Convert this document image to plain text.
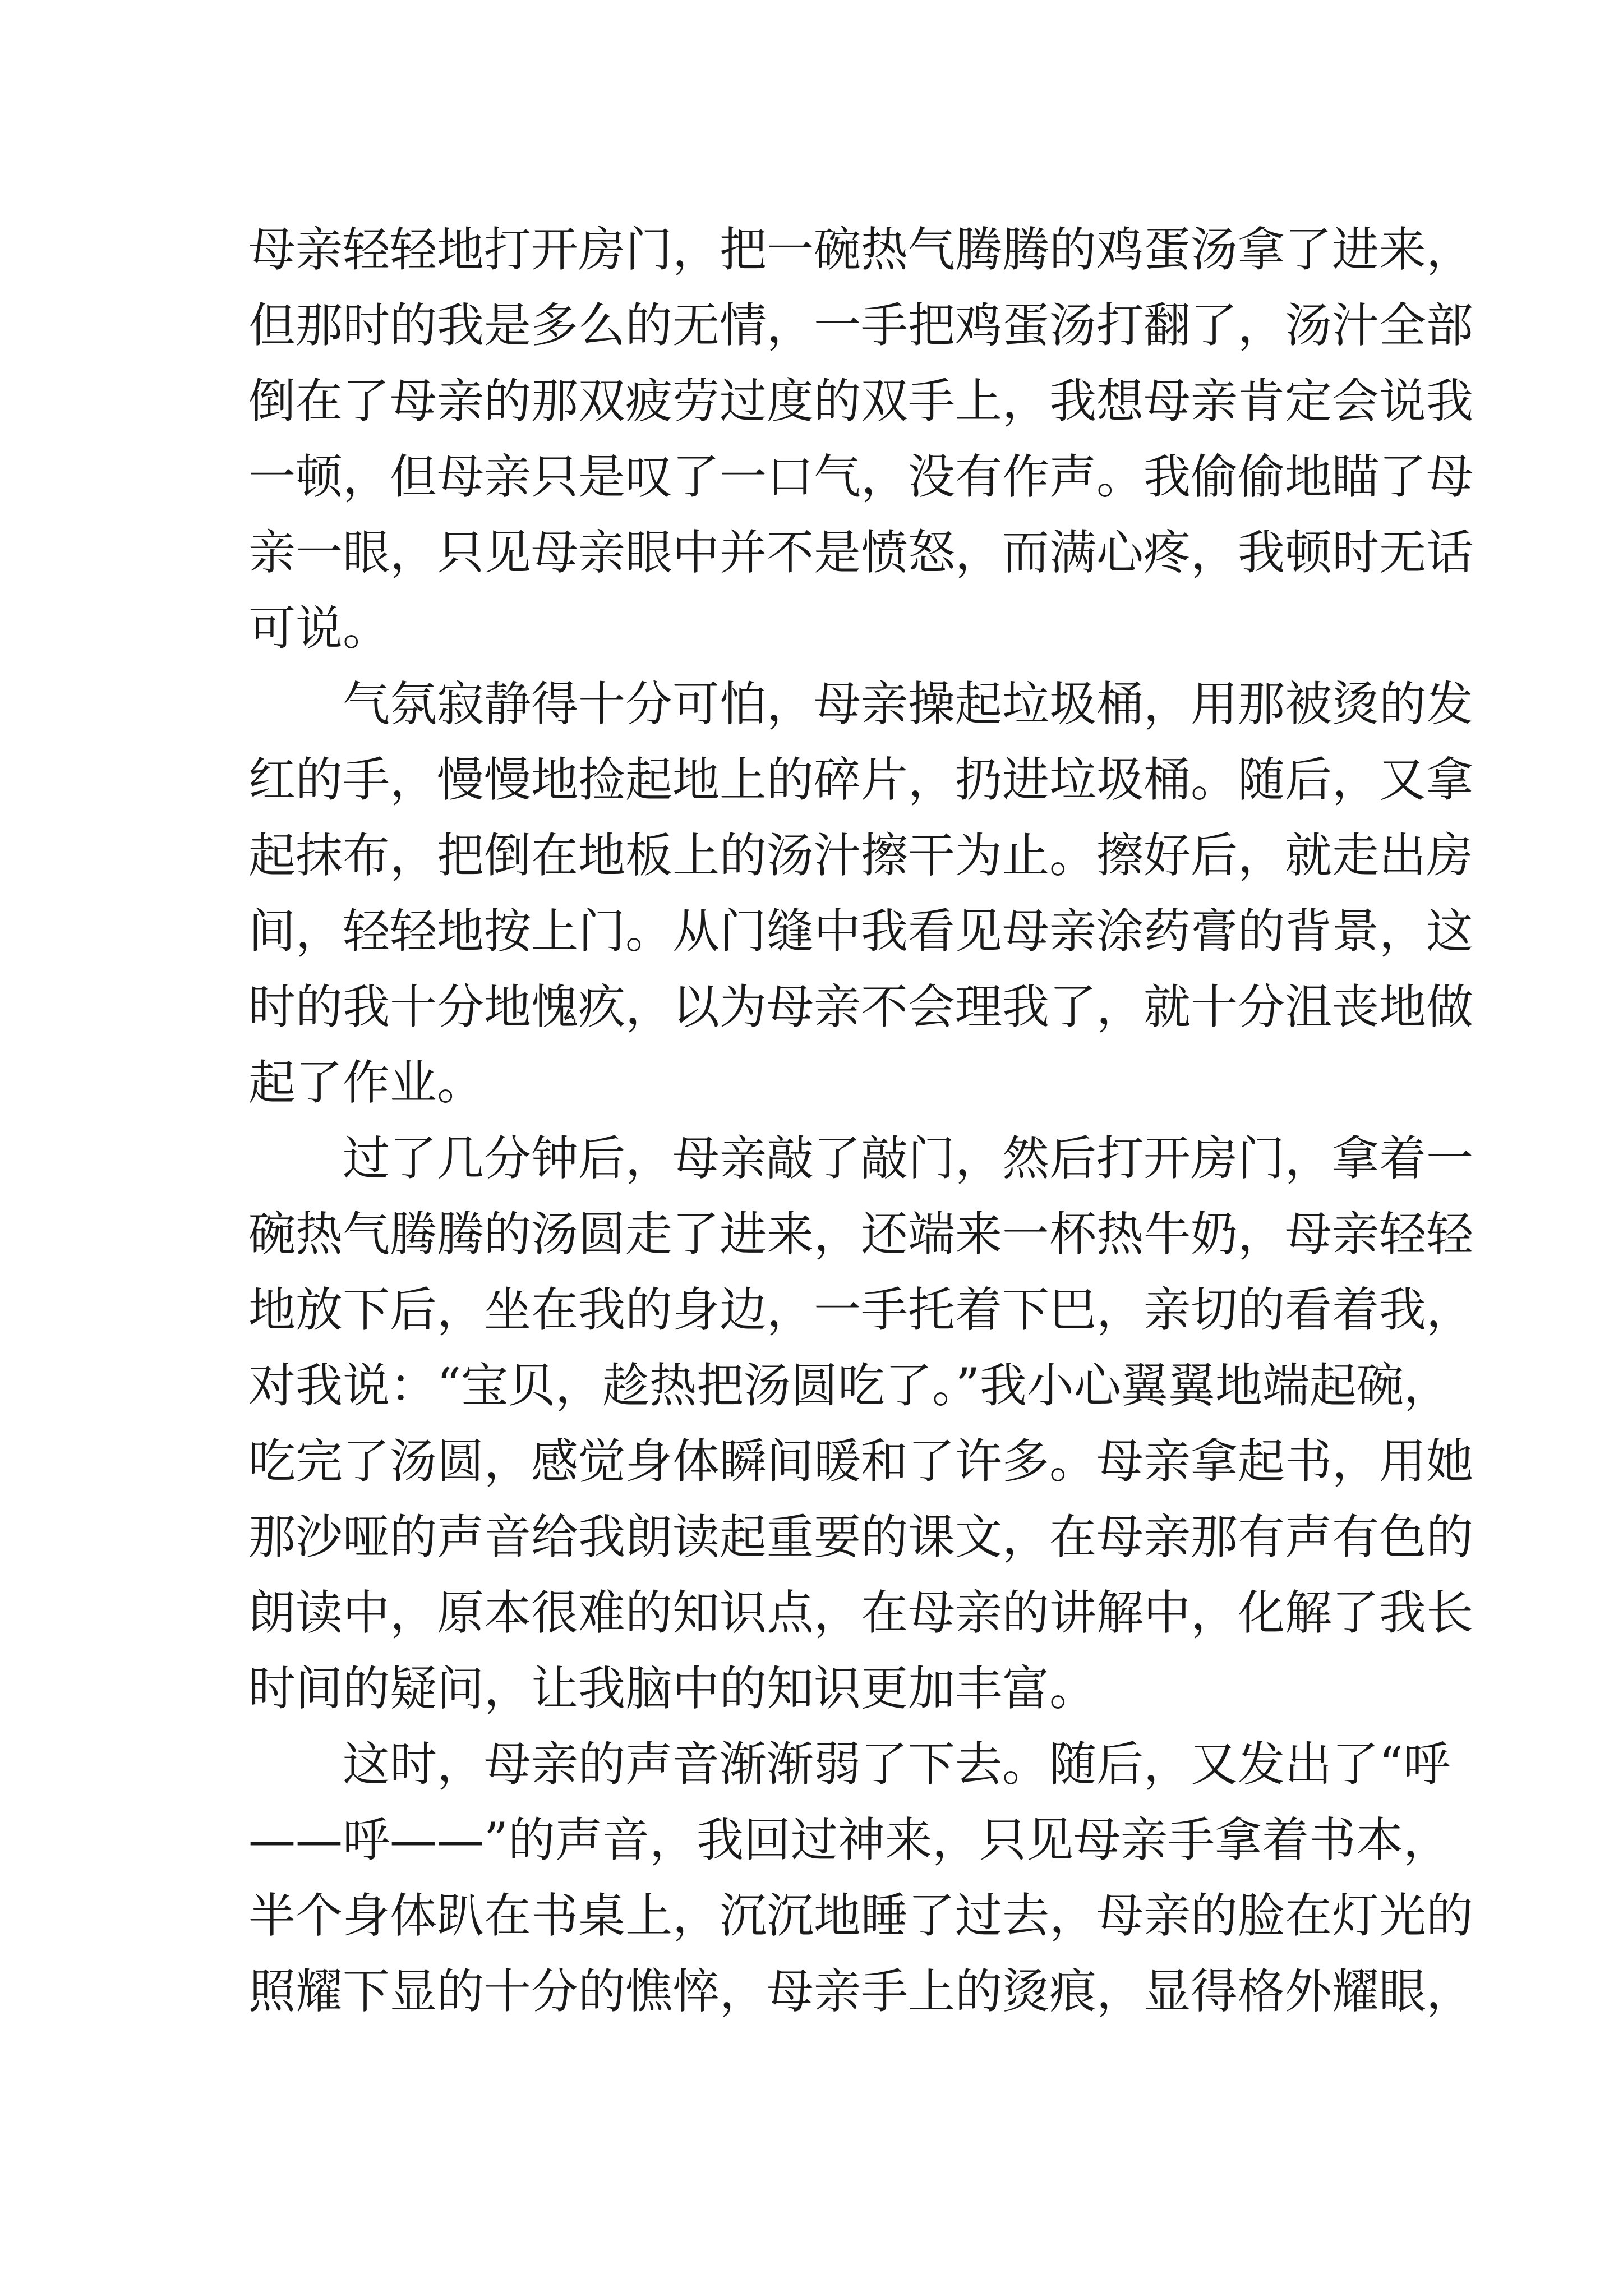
母亲轻轻地打开房门，把一碗热气腾腾的鸡蛋汤拿了进来，
但那时的我是多么的无情，一手把鸡蛋汤打翻了，汤汁全部
倒在了母亲的那双疲劳过度的双手上，我想母亲肯定会说我
一顿，但母亲只是叹了一口气，没有作声。我偷偷地瞄了母
亲一眼，只见母亲眼中并不是愤怒，而满心疼，我顿时无话
可说。
气氛寂静得十分可怕，母亲操起垃圾桶，用那被烫的发
红的手，慢慢地捡起地上的碎片，扔进垃圾桶。随后，又拿
起抹布，把倒在地板上的汤汁擦干为止。擦好后，就走出房
间，轻轻地按上门。从门缝中我看见母亲涂药膏的背景，这
时的我十分地愧疚，以为母亲不会理我了，就十分沮丧地做
起了作业。
过了几分钟后，母亲敲了敲门，然后打开房门，拿着一
碗热气腾腾的汤圆走了进来，还端来一杯热牛奶，母亲轻轻
地放下后，坐在我的身边，一手托着下巴，亲切的看着我，
对我说：“宝贝，趁热把汤圆吃了。”我小心翼翼地端起碗，
吃完了汤圆，感觉身体瞬间暖和了许多。母亲拿起书，用她
那沙哑的声音给我朗读起重要的课文，在母亲那有声有色的
朗读中，原本很难的知识点，在母亲的讲解中，化解了我长
时间的疑问，让我脑中的知识更加丰富。
这时，母亲的声音渐渐弱了下去。随后，又发出了“呼
——呼——”的声音，我回过神来，只见母亲手拿着书本，
半个身体趴在书桌上，沉沉地睡了过去，母亲的脸在灯光的
照耀下显的十分的憔悴，母亲手上的烫痕，显得格外耀眼，
